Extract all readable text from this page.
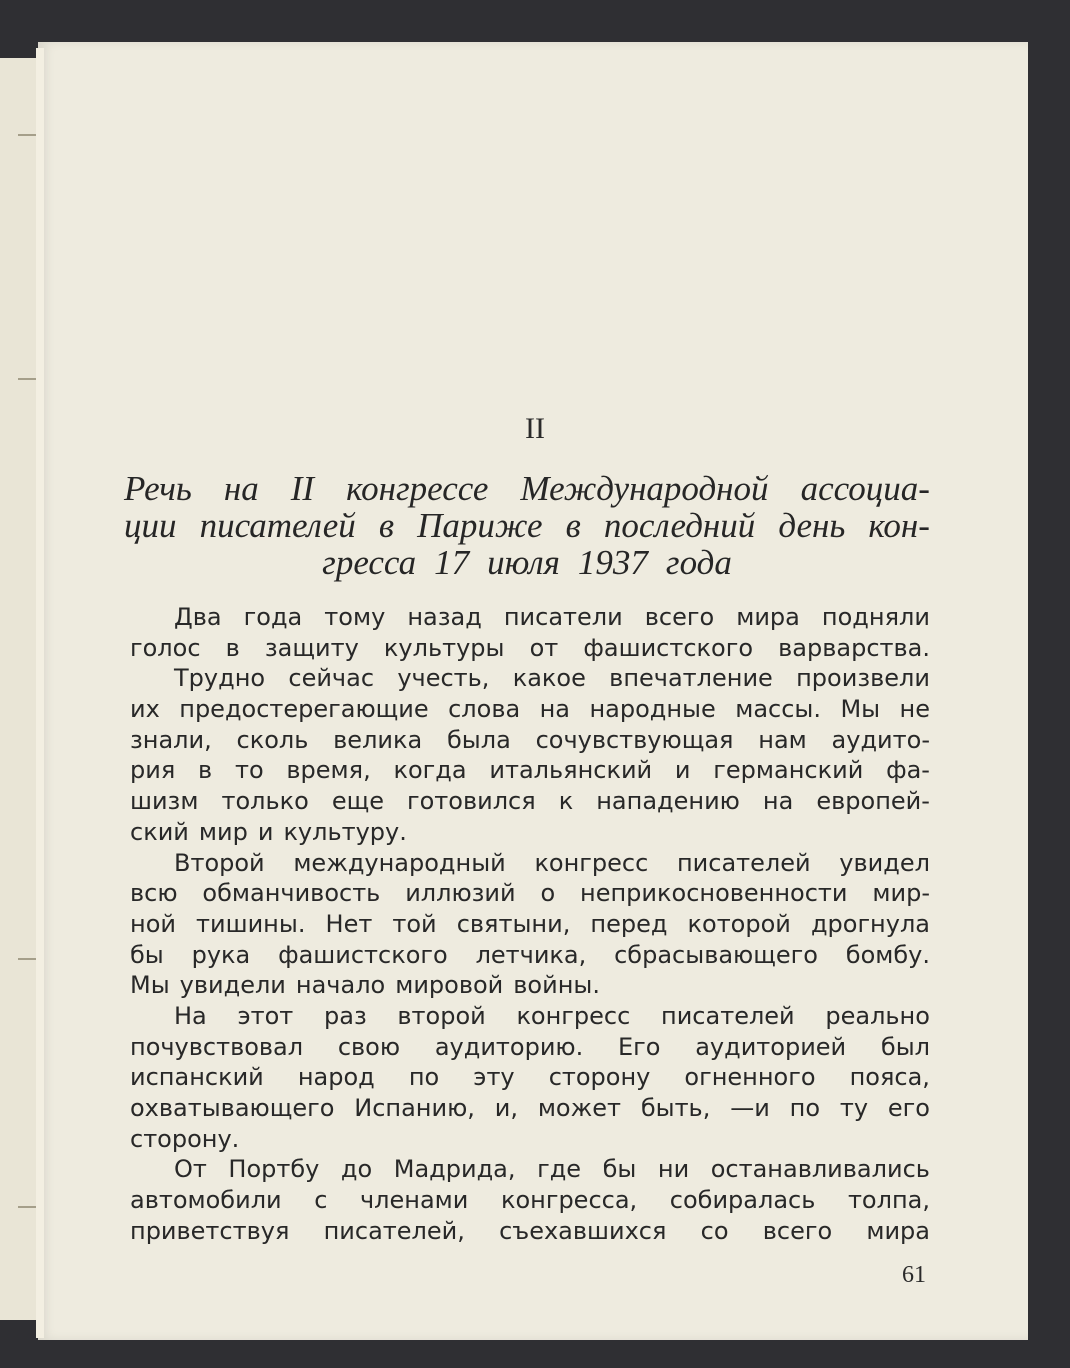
II
Речь на II конгрессе Международной ассоциа-
ции писателей в Париже в последний день кон-
гресса 17 июля 1937 года
Два года тому назад писатели всего мира подняли
голос в защиту культуры от фашистского варварства.
Трудно сейчас учесть, какое впечатление произвели
их предостерегающие слова на народные массы. Мы не
знали, сколь велика была сочувствующая нам аудито-
рия в то время, когда итальянский и германский фа-
шизм только еще готовился к нападению на европей-
ский мир и культуру.
Второй международный конгресс писателей увидел
всю обманчивость иллюзий о неприкосновенности мир-
ной тишины. Нет той святыни, перед которой дрогнула
бы рука фашистского летчика, сбрасывающего бомбу.
Мы увидели начало мировой войны.
На этот раз второй конгресс писателей реально
почувствовал свою аудиторию. Его аудиторией был
испанский народ по эту сторону огненного пояса,
охватывающего Испанию, и, может быть, —и по ту его
сторону.
От Портбу до Мадрида, где бы ни останавливались
автомобили с членами конгресса, собиралась толпа,
приветствуя писателей, съехавшихся со всего мира
61
